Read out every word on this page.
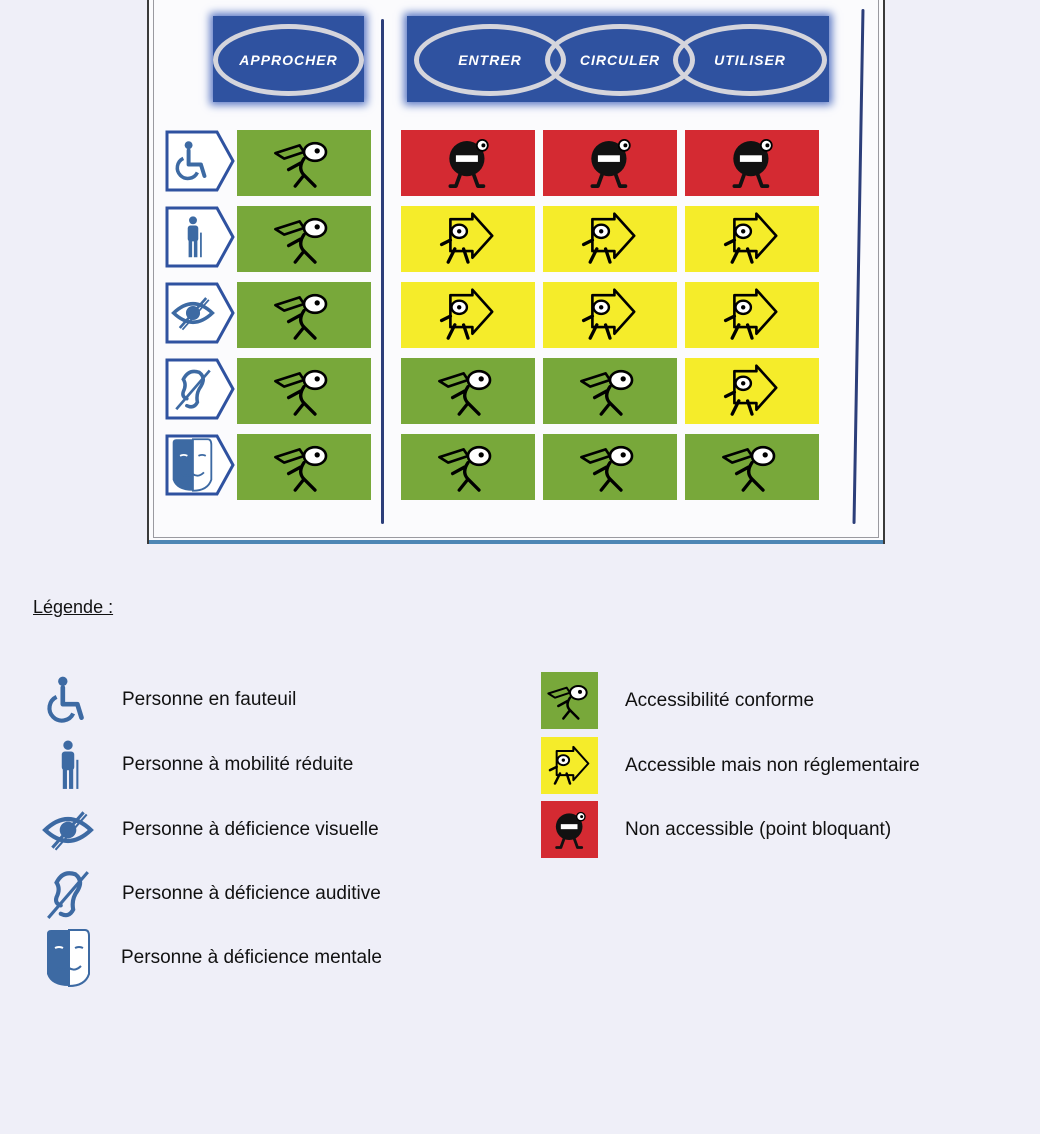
APPROCHER	ENTRER	CIRCULER	UTILISER
Légende :
Personne en fauteuil
Personne à mobilité réduite
Personne à déficience visuelle
Personne à déficience auditive
Personne à déficience mentale
Accessibilité conforme
Accessible mais non réglementaire
Non accessible (point bloquant)
